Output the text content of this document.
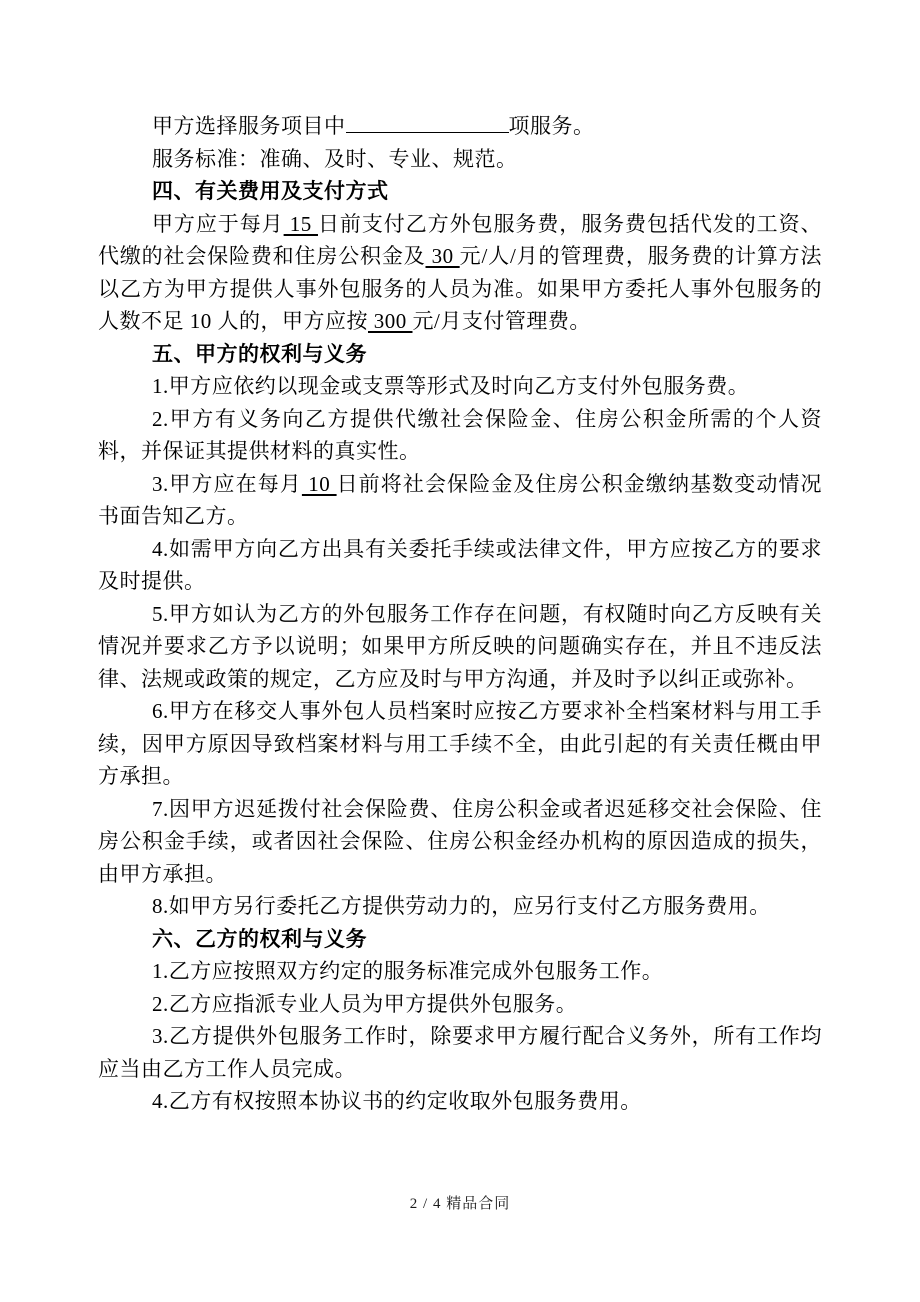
甲方选择服务项目中	项服务。

服务标准：准确、及时、专业、规范。

四、有关费用及支付方式

甲方应于每月 15 日前支付乙方外包服务费，服务费包括代发的工资、代缴的社会保险费和住房公积金及 30 元/人/月的管理费，服务费的计算方法以乙方为甲方提供人事外包服务的人员为准。如果甲方委托人事外包服务的人数不足 10 人的，甲方应按 300 元/月支付管理费。

五、甲方的权利与义务

1.甲方应依约以现金或支票等形式及时向乙方支付外包服务费。

2.甲方有义务向乙方提供代缴社会保险金、住房公积金所需的个人资料，并保证其提供材料的真实性。

3.甲方应在每月 10 日前将社会保险金及住房公积金缴纳基数变动情况书面告知乙方。

4.如需甲方向乙方出具有关委托手续或法律文件，甲方应按乙方的要求及时提供。

5.甲方如认为乙方的外包服务工作存在问题，有权随时向乙方反映有关情况并要求乙方予以说明；如果甲方所反映的问题确实存在，并且不违反法律、法规或政策的规定，乙方应及时与甲方沟通，并及时予以纠正或弥补。

6.甲方在移交人事外包人员档案时应按乙方要求补全档案材料与用工手续，因甲方原因导致档案材料与用工手续不全，由此引起的有关责任概由甲方承担。

7.因甲方迟延拨付社会保险费、住房公积金或者迟延移交社会保险、住房公积金手续，或者因社会保险、住房公积金经办机构的原因造成的损失，由甲方承担。

8.如甲方另行委托乙方提供劳动力的，应另行支付乙方服务费用。

六、乙方的权利与义务

1.乙方应按照双方约定的服务标准完成外包服务工作。

2.乙方应指派专业人员为甲方提供外包服务。

3.乙方提供外包服务工作时，除要求甲方履行配合义务外，所有工作均应当由乙方工作人员完成。

4.乙方有权按照本协议书的约定收取外包服务费用。

2 / 4 精品合同
